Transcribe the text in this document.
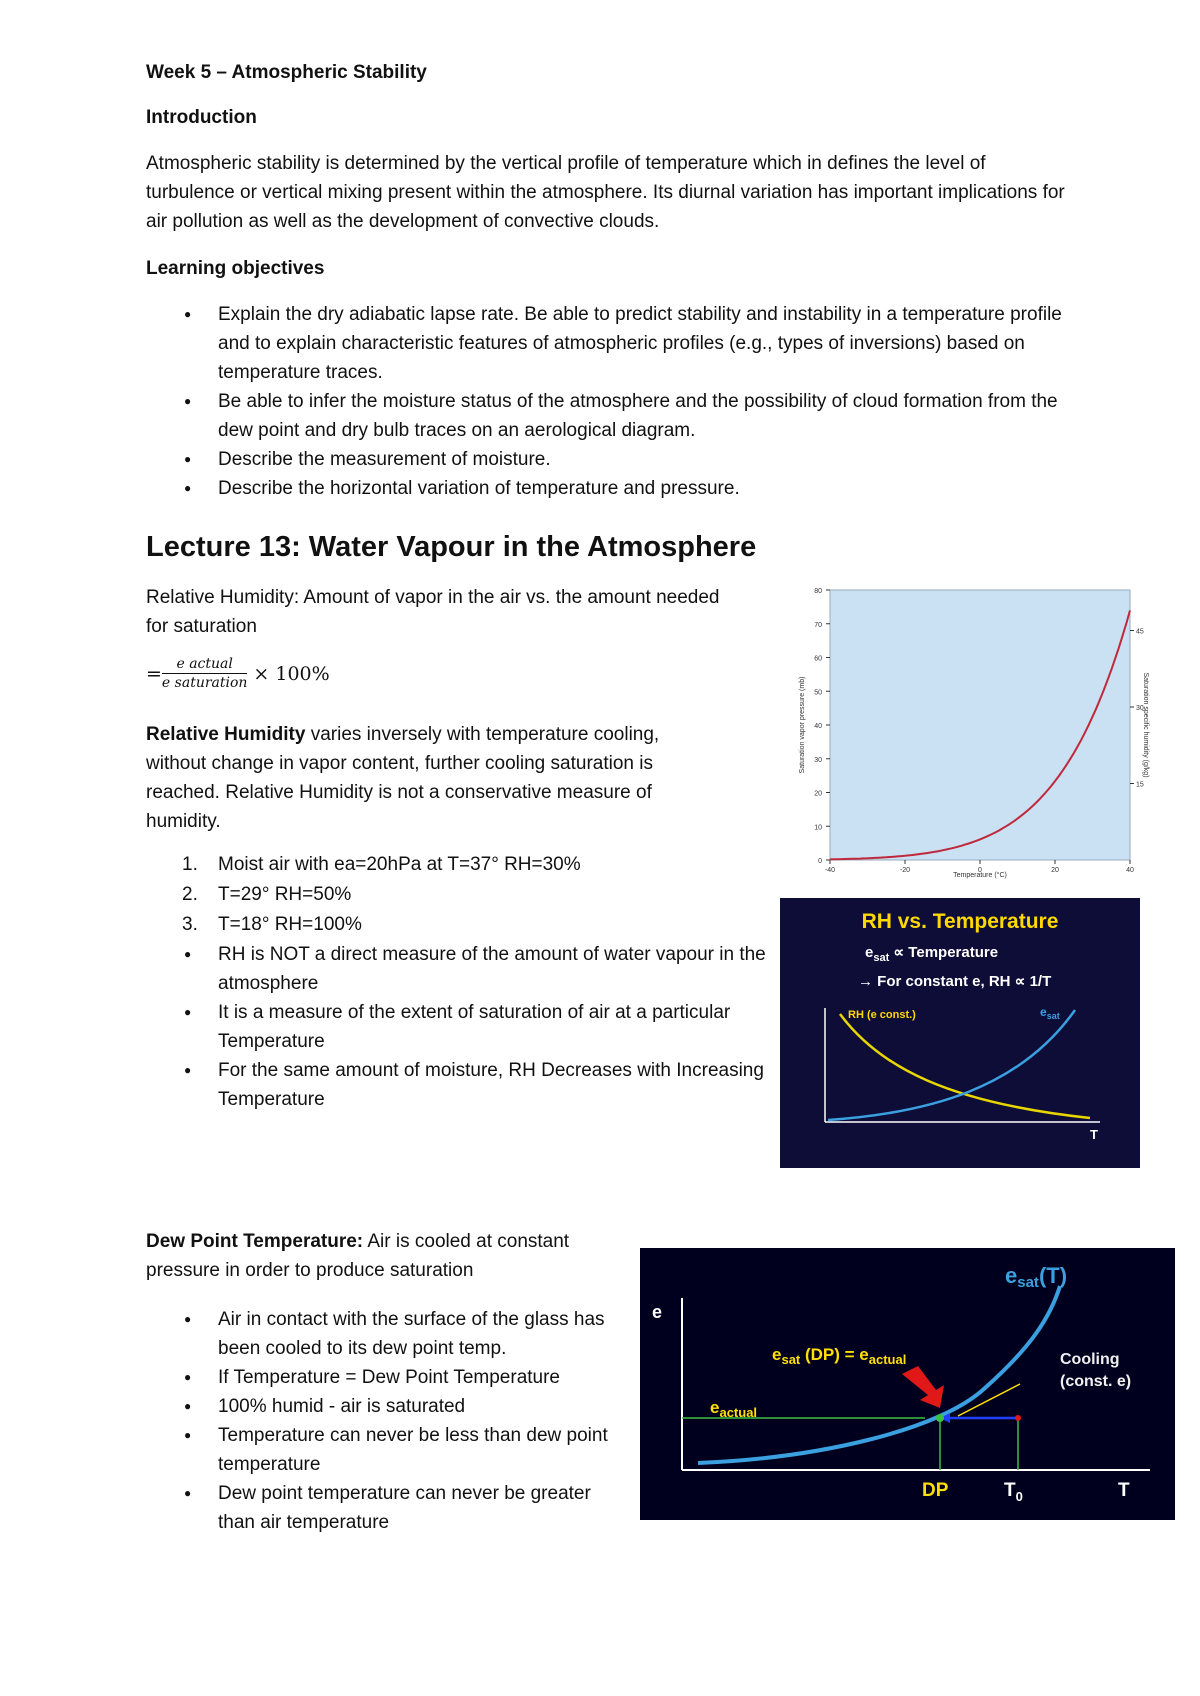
Week 5 – Atmospheric Stability
Introduction
Atmospheric stability is determined by the vertical profile of temperature which in defines the level of turbulence or vertical mixing present within the atmosphere. Its diurnal variation has important implications for air pollution as well as the development of convective clouds.
Learning objectives
● Explain the dry adiabatic lapse rate. Be able to predict stability and instability in a temperature profile and to explain characteristic features of atmospheric profiles (e.g., types of inversions) based on temperature traces.
● Be able to infer the moisture status of the atmosphere and the possibility of cloud formation from the dew point and dry bulb traces on an aerological diagram.
● Describe the measurement of moisture.
● Describe the horizontal variation of temperature and pressure.
Lecture 13: Water Vapour in the Atmosphere
Relative Humidity: Amount of vapor in the air vs. the amount needed for saturation
= $\frac{\text{e actual}}{\text{e saturation}} \times 100\%$
Relative Humidity varies inversely with temperature cooling, without change in vapor content, further cooling saturation is reached. Relative Humidity is not a conservative measure of humidity.
1. Moist air with ea=20hPa at T=37° RH=30%
2. T=29° RH=50%
3. T=18° RH=100%
● RH is NOT a direct measure of the amount of water vapour in the atmosphere
● It is a measure of the extent of saturation of air at a particular Temperature
● For the same amount of moisture, RH Decreases with Increasing Temperature
Dew Point Temperature: Air is cooled at constant pressure in order to produce saturation
● Air in contact with the surface of the glass has been cooled to its dew point temp.
● If Temperature = Dew Point Temperature
● 100% humid - air is saturated
● Temperature can never be less than dew point temperature
● Dew point temperature can never be greater than air temperature
0
10
20
30
40
50
60
70
80
-40	-20	0	20	40
15
30
45
Temperature (°C)
Saturation vapor pressure (mb)	Saturation specific humidity (g/kg)
RH vs. Temperature
$e_{sat}$ ∝ Temperature
→ For constant e, RH ∝ 1/T
RH (e const.)	$e_{sat}$
T
e
esat(T)
$e_{sat}$ $(DP) = e_{actual}$
$e_{actual}$
Cooling
(const. e)
DP	$T_0$	T
